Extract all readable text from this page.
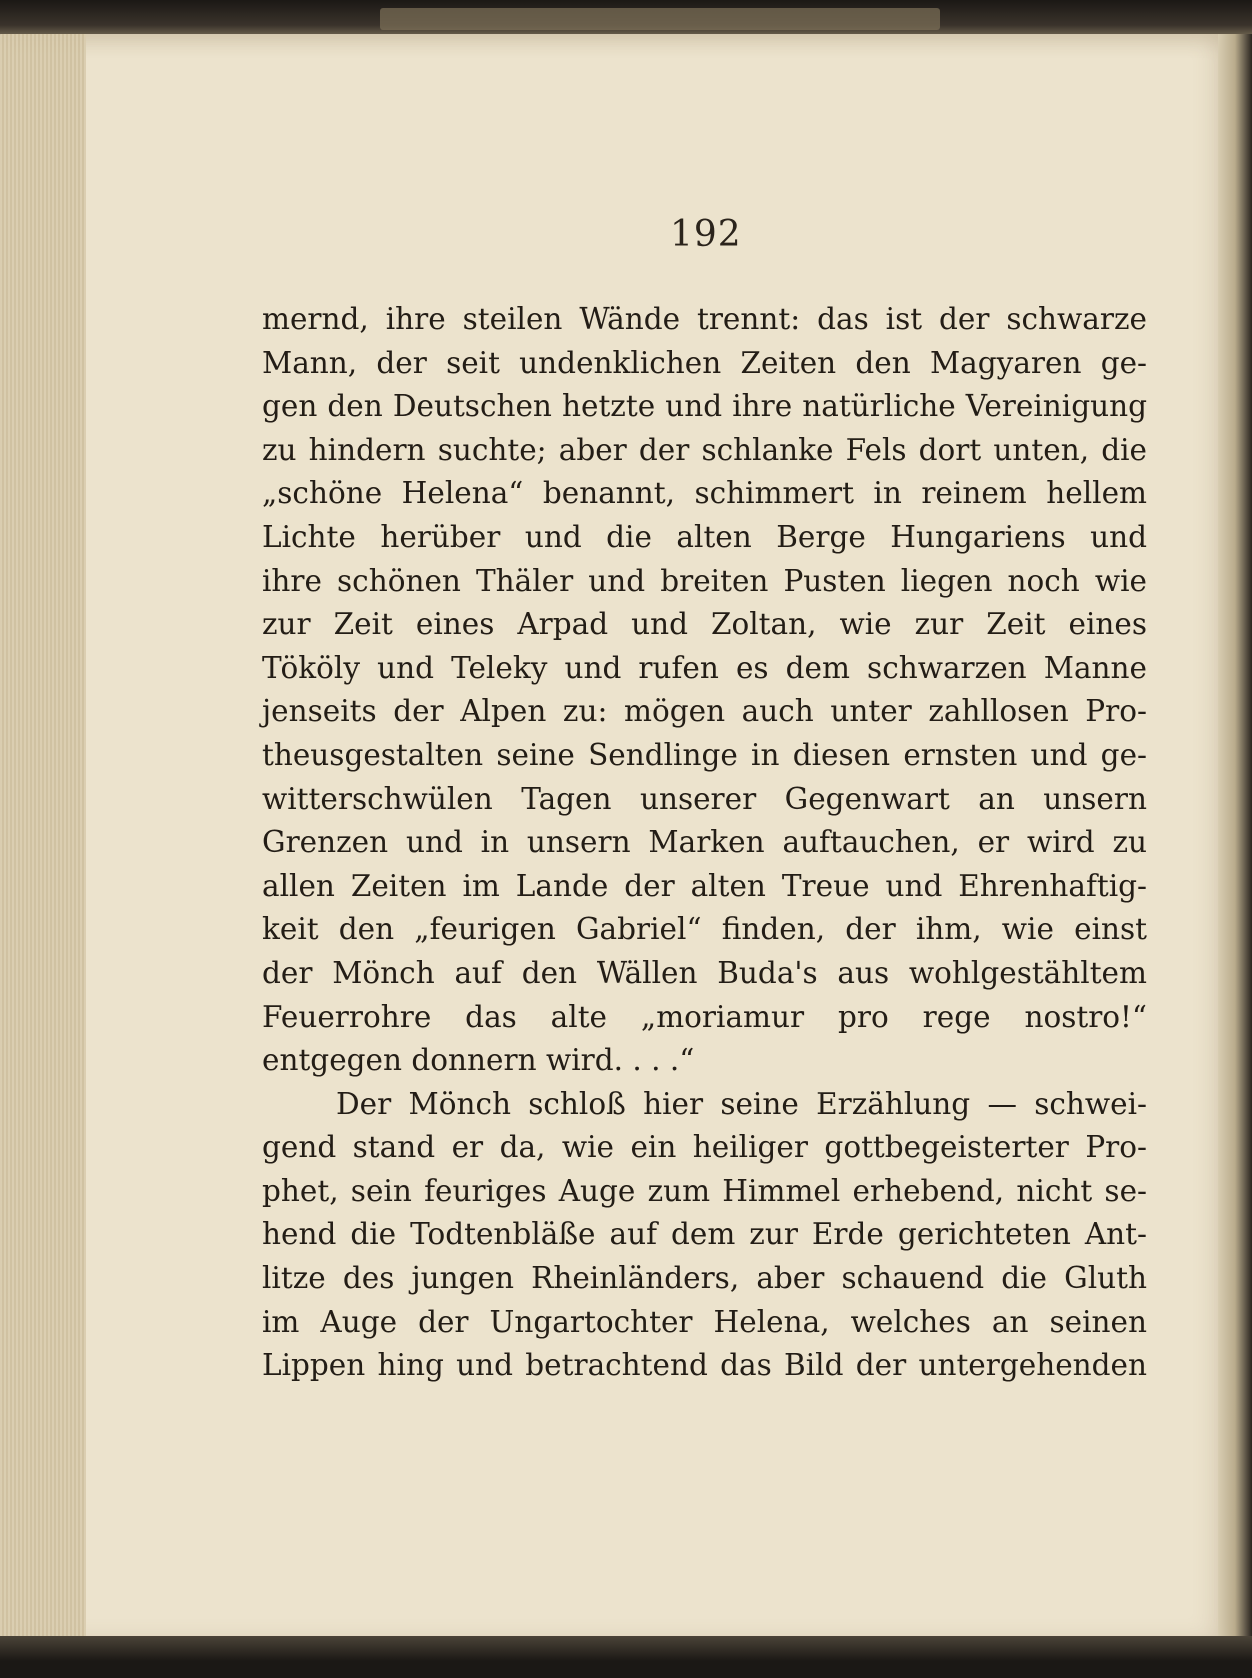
192
mernd, ihre steilen Wände trennt: das ist der schwarze
Mann, der seit undenklichen Zeiten den Magyaren ge-
gen den Deutschen hetzte und ihre natürliche Vereinigung
zu hindern suchte; aber der schlanke Fels dort unten, die
„schöne Helena“ benannt, schimmert in reinem hellem
Lichte herüber und die alten Berge Hungariens und
ihre schönen Thäler und breiten Pusten liegen noch wie
zur Zeit eines Arpad und Zoltan, wie zur Zeit eines
Tököly und Teleky und rufen es dem schwarzen Manne
jenseits der Alpen zu: mögen auch unter zahllosen Pro-
theusgestalten seine Sendlinge in diesen ernsten und ge-
witterschwülen Tagen unserer Gegenwart an unsern
Grenzen und in unsern Marken auftauchen, er wird zu
allen Zeiten im Lande der alten Treue und Ehrenhaftig-
keit den „feurigen Gabriel“ finden, der ihm, wie einst
der Mönch auf den Wällen Buda's aus wohlgestähltem
Feuerrohre das alte „moriamur pro rege nostro!“
entgegen donnern wird. . . .“
Der Mönch schloß hier seine Erzählung — schwei-
gend stand er da, wie ein heiliger gottbegeisterter Pro-
phet, sein feuriges Auge zum Himmel erhebend, nicht se-
hend die Todtenbläße auf dem zur Erde gerichteten Ant-
litze des jungen Rheinländers, aber schauend die Gluth
im Auge der Ungartochter Helena, welches an seinen
Lippen hing und betrachtend das Bild der untergehenden
